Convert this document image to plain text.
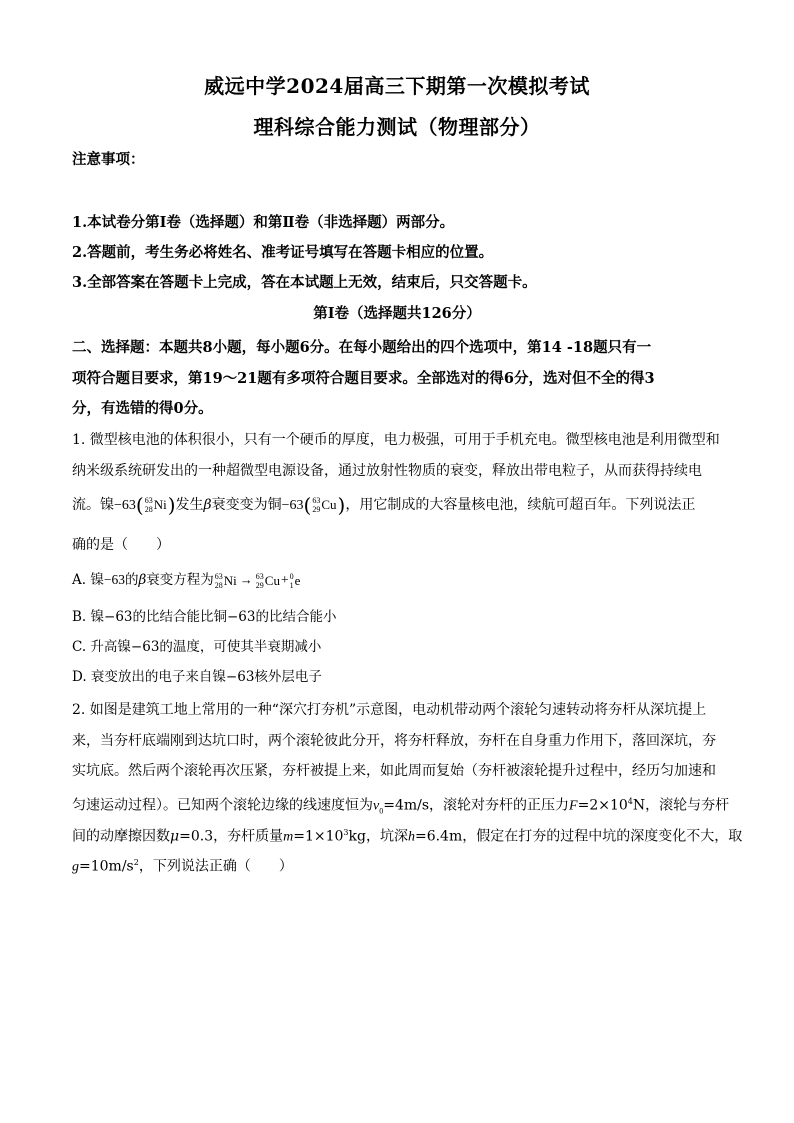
威远中学2024届高三下期第一次模拟考试
理科综合能力测试（物理部分）
注意事项：
1.本试卷分第Ⅰ卷（选择题）和第Ⅱ卷（非选择题）两部分。
2.答题前，考生务必将姓名、准考证号填写在答题卡相应的位置。
3.全部答案在答题卡上完成，答在本试题上无效，结束后，只交答题卡。
第Ⅰ卷（选择题共126分）
二、选择题：本题共8小题，每小题6分。在每小题给出的四个选项中，第14 -18题只有一
项符合题目要求，第19～21题有多项符合题目要求。全部选对的得6分，选对但不全的得3
分，有选错的得0分。
1. 微型核电池的体积很小，只有一个硬币的厚度，电力极强，可用于手机充电。微型核电池是利用微型和
纳米级系统研发出的一种超微型电源设备，通过放射性物质的衰变，释放出带电粒子，从而获得持续电
流。镍−63(63
28Ni)发生β衰变变为铜−63(63
29Cu)，用它制成的大容量核电池，续航可超百年。下列说法正
确的是（　　）
A. 镍−63的β衰变方程为63
28Ni → 63
29Cu+0
1e
B. 镍−63的比结合能比铜−63的比结合能小
C. 升高镍−63的温度，可使其半衰期减小
D. 衰变放出的电子来自镍−63核外层电子
2. 如图是建筑工地上常用的一种“深穴打夯机”示意图，电动机带动两个滚轮匀速转动将夯杆从深坑提上
来，当夯杆底端刚到达坑口时，两个滚轮彼此分开，将夯杆释放，夯杆在自身重力作用下，落回深坑，夯
实坑底。然后两个滚轮再次压紧，夯杆被提上来，如此周而复始（夯杆被滚轮提升过程中，经历匀加速和
匀速运动过程）。已知两个滚轮边缘的线速度恒为$v_0=4m/s$，滚轮对夯杆的正压力$F=2\times 10^4N$，滚轮与夯杆
间的动摩擦因数μ=0.3，夯杆质量$m=1\times 10^3kg$，坑深h=6.4m，假定在打夯的过程中坑的深度变化不大，取
$g=10m/s^2$，下列说法正确（　　）
